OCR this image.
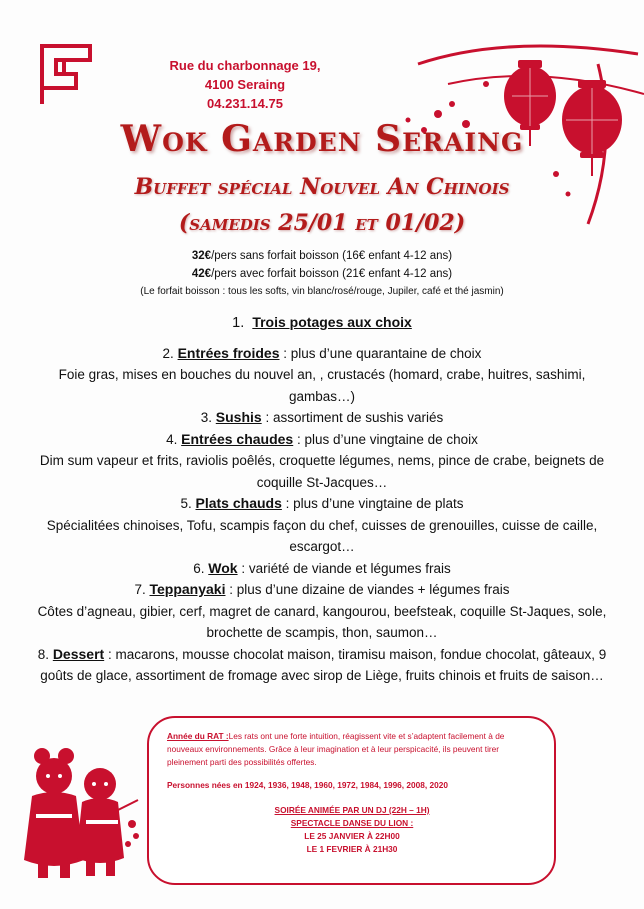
Rue du charbonnage 19,
4100 Seraing
04.231.14.75
Wok Garden Seraing
Buffet spécial Nouvel An Chinois
(samedis 25/01 et 01/02)
32€/pers sans forfait boisson (16€ enfant 4-12 ans)
42€/pers avec forfait boisson (21€ enfant 4-12 ans)
(Le forfait boisson : tous les softs, vin blanc/rosé/rouge, Jupiler, café et thé jasmin)

1. Trois potages aux choix

2. Entrées froides : plus d’une quarantaine de choix

Foie gras, mises en bouches du nouvel an, , crustacés (homard, crabe, huitres, sashimi, gambas…)

3. Sushis : assortiment de sushis variés

4. Entrées chaudes : plus d’une vingtaine de choix

Dim sum vapeur et frits, raviolis poêlés, croquette légumes, nems, pince de crabe, beignets de coquille St-Jacques…

5. Plats chauds : plus d’une vingtaine de plats

Spécialitées chinoises, Tofu, scampis façon du chef, cuisses de grenouilles, cuisse de caille, escargot…

6. Wok : variété de viande et légumes frais

7. Teppanyaki : plus d’une dizaine de viandes + légumes frais

Côtes d’agneau, gibier, cerf, magret de canard, kangourou, beefsteak, coquille St-Jaques, sole, brochette de scampis, thon, saumon…

8. Dessert : macarons, mousse chocolat maison, tiramisu maison, fondue chocolat, gâteaux, 9 goûts de glace, assortiment de fromage avec sirop de Liège, fruits chinois et fruits de saison…

Année du RAT :Les rats ont une forte intuition, réagissent vite et s’adaptent facilement à de nouveaux environnements. Grâce à leur imagination et à leur perspicacité, ils peuvent tirer pleinement parti des possibilités offertes.
Personnes nées en 1924, 1936, 1948, 1960, 1972, 1984, 1996, 2008, 2020
SOIRÉE ANIMÉE PAR UN DJ (22H – 1H)
SPECTACLE DANSE DU LION :
LE 25 JANVIER À 22H00
LE 1 FEVRIER À 21H30
